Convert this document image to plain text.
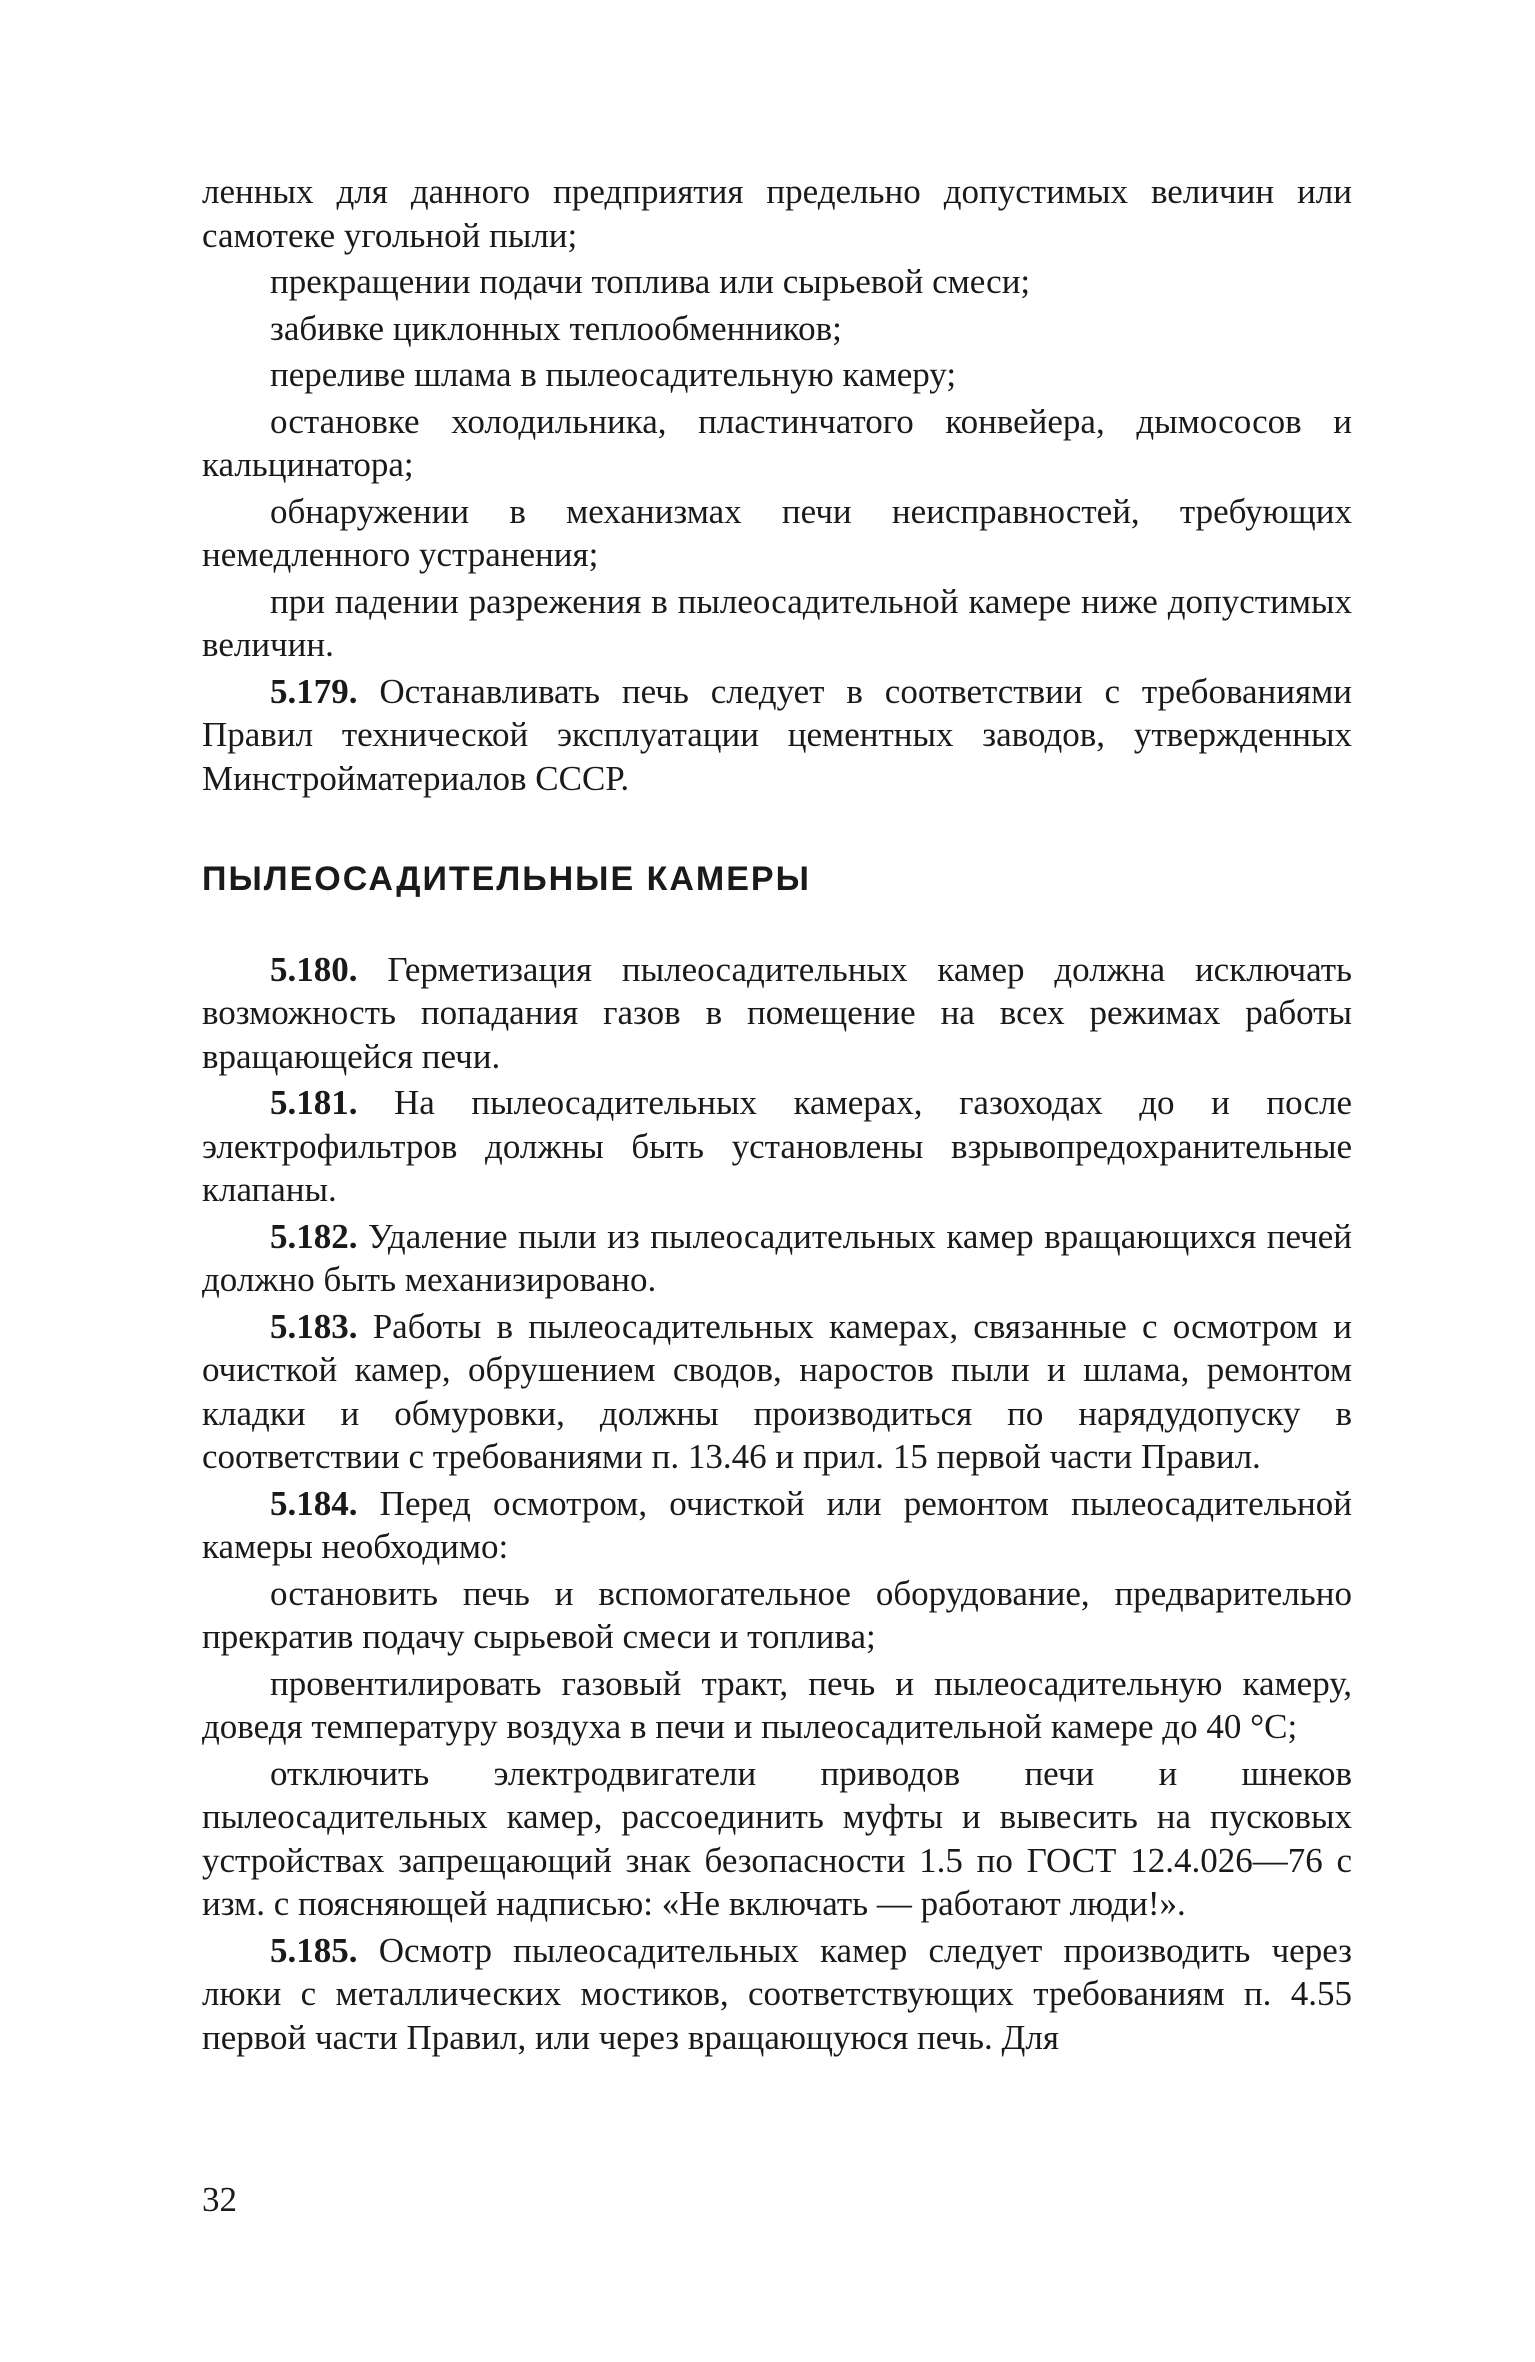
ленных для данного предприятия предельно допустимых величин или самотеке угольной пыли;

прекращении подачи топлива или сырьевой смеси;

забивке циклонных теплообменников;

переливе шлама в пылеосадительную камеру;

остановке холодильника, пластинчатого конвейера, дымососов и кальцинатора;

обнаружении в механизмах печи неисправностей, требующих немедленного устранения;

при падении разрежения в пылеосадительной камере ниже допустимых величин.

5.179. Останавливать печь следует в соответствии с требованиями Правил технической эксплуатации цементных заводов, утвержденных Минстройматериалов СССР.

ПЫЛЕОСАДИТЕЛЬНЫЕ КАМЕРЫ

5.180. Герметизация пылеосадительных камер должна исключать возможность попадания газов в помещение на всех режимах работы вращающейся печи.

5.181. На пылеосадительных камерах, газоходах до и после электрофильтров должны быть установлены взрывопредохранительные клапаны.

5.182. Удаление пыли из пылеосадительных камер вращающихся печей должно быть механизировано.

5.183. Работы в пылеосадительных камерах, связанные с осмотром и очисткой камер, обрушением сводов, наростов пыли и шлама, ремонтом кладки и обмуровки, должны производиться по нарядудопуску в соответствии с требованиями п. 13.46 и прил. 15 первой части Правил.

5.184. Перед осмотром, очисткой или ремонтом пылеосадительной камеры необходимо:

остановить печь и вспомогательное оборудование, предварительно прекратив подачу сырьевой смеси и топлива;

провентилировать газовый тракт, печь и пылеосадительную камеру, доведя температуру воздуха в печи и пылеосадительной камере до 40 °С;

отключить электродвигатели приводов печи и шнеков пылеосадительных камер, рассоединить муфты и вывесить на пусковых устройствах запрещающий знак безопасности 1.5 по ГОСТ 12.4.026—76 с изм. с поясняющей надписью: «Не включать — работают люди!».

5.185. Осмотр пылеосадительных камер следует производить через люки с металлических мостиков, соответствующих требованиям п. 4.55 первой части Правил, или через вращающуюся печь. Для

32
